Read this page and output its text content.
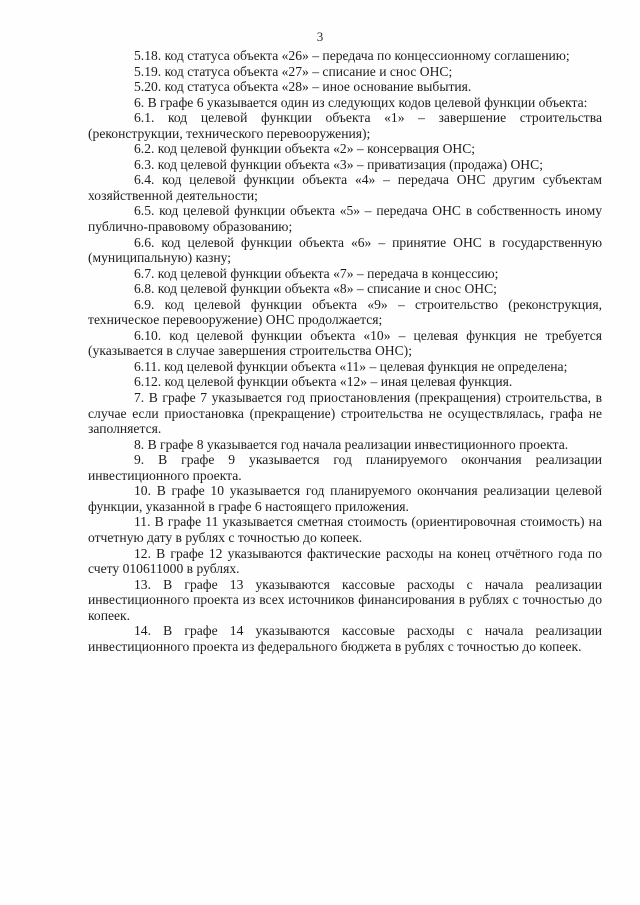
3

5.18. код статуса объекта «26» – передача по концессионному соглашению;

5.19. код статуса объекта «27» – списание и снос ОНС;

5.20. код статуса объекта «28» – иное основание выбытия.

6. В графе 6 указывается один из следующих кодов целевой функции объекта:

6.1. код целевой функции объекта «1» – завершение строительства (реконструкции, технического перевооружения);

6.2. код целевой функции объекта «2» – консервация ОНС;

6.3. код целевой функции объекта «3» – приватизация (продажа) ОНС;

6.4. код целевой функции объекта «4» – передача ОНС другим субъектам хозяйственной деятельности;

6.5. код целевой функции объекта «5» – передача ОНС в собственность иному публично-правовому образованию;

6.6. код целевой функции объекта «6» – принятие ОНС в государственную (муниципальную) казну;

6.7. код целевой функции объекта «7» – передача в концессию;

6.8. код целевой функции объекта «8» – списание и снос ОНС;

6.9. код целевой функции объекта «9» – строительство (реконструкция, техническое перевооружение) ОНС продолжается;

6.10. код целевой функции объекта «10» – целевая функция не требуется (указывается в случае завершения строительства ОНС);

6.11. код целевой функции объекта «11» – целевая функция не определена;

6.12. код целевой функции объекта «12» – иная целевая функция.

7. В графе 7 указывается год приостановления (прекращения) строительства, в случае если приостановка (прекращение) строительства не осуществлялась, графа не заполняется.

8. В графе 8 указывается год начала реализации инвестиционного проекта.

9. В графе 9 указывается год планируемого окончания реализации инвестиционного проекта.

10. В графе 10 указывается год планируемого окончания реализации целевой функции, указанной в графе 6 настоящего приложения.

11. В графе 11 указывается сметная стоимость (ориентировочная стоимость) на отчетную дату в рублях с точностью до копеек.

12. В графе 12 указываются фактические расходы на конец отчётного года по счету 010611000 в рублях.

13. В графе 13 указываются кассовые расходы с начала реализации инвестиционного проекта из всех источников финансирования в рублях с точностью до копеек.

14. В графе 14 указываются кассовые расходы с начала реализации инвестиционного проекта из федерального бюджета в рублях с точностью до копеек.
